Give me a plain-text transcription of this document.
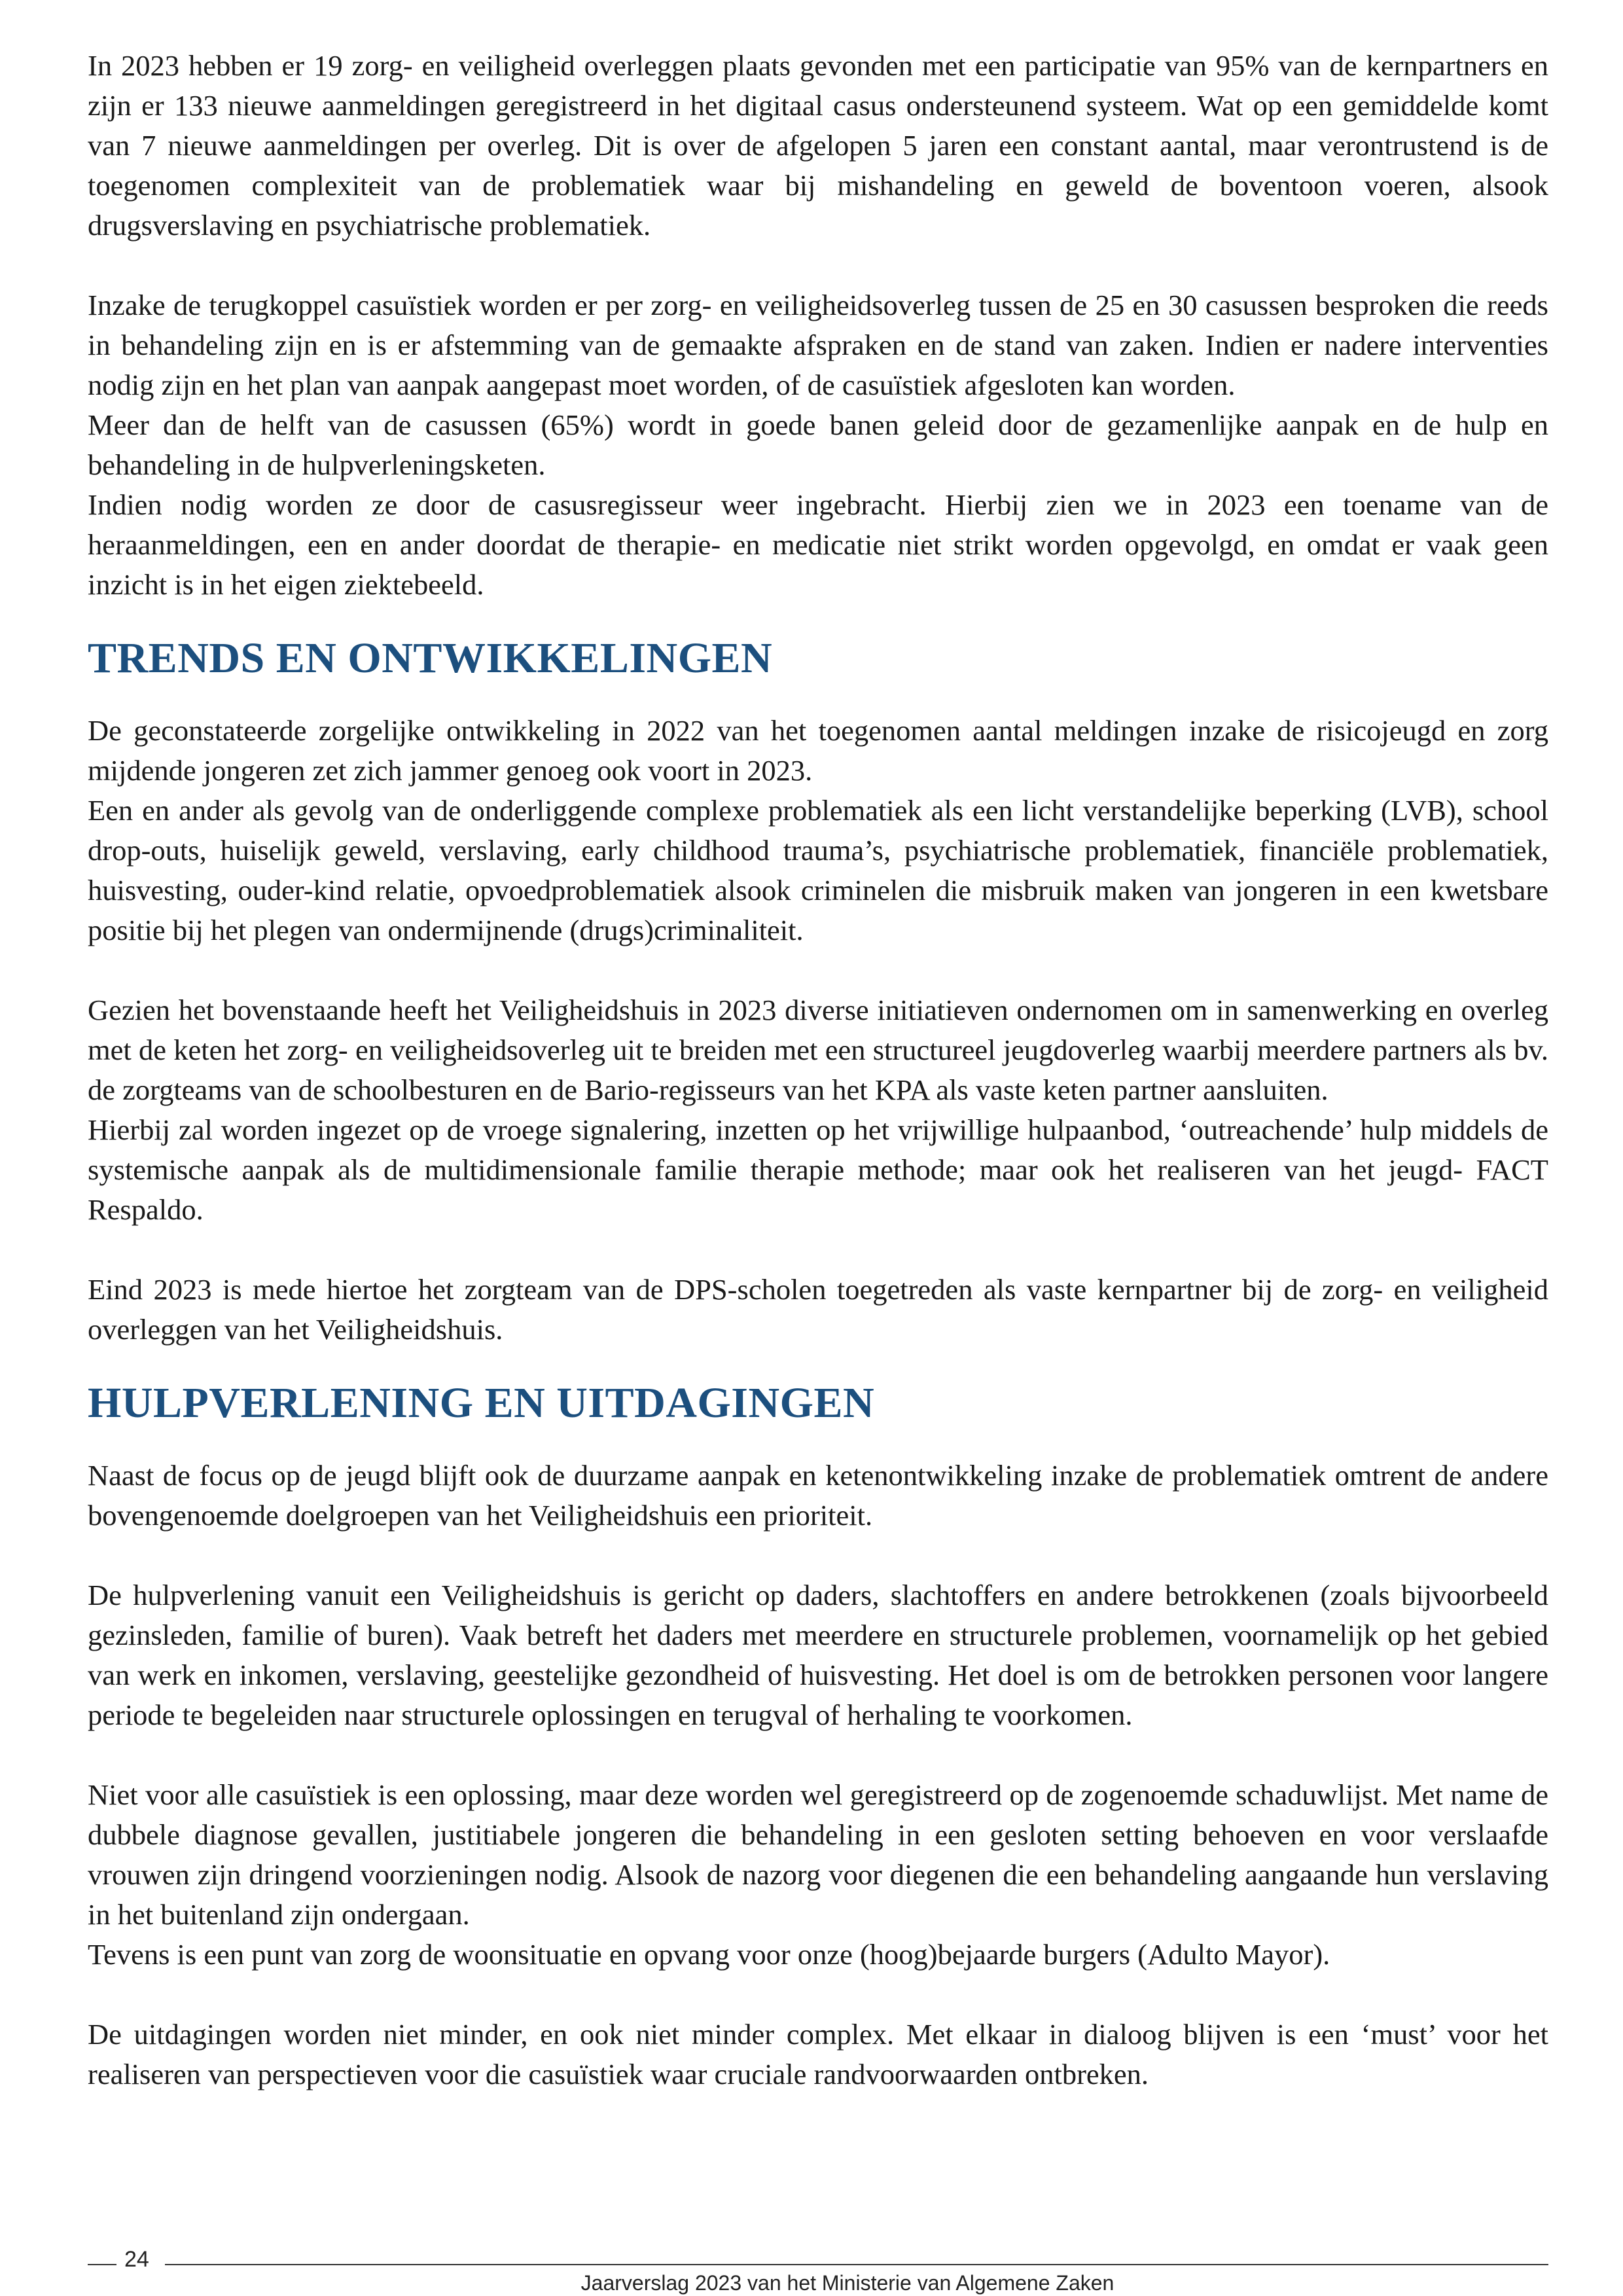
In 2023 hebben er 19 zorg- en veiligheid overleggen plaats gevonden met een participatie van 95% van de kernpartners en zijn er 133 nieuwe aanmeldingen geregistreerd in het digitaal casus ondersteunend systeem. Wat op een gemiddelde komt van 7 nieuwe aanmeldingen per overleg. Dit is over de afgelopen 5 jaren een constant aantal, maar verontrustend is de toegenomen complexiteit van de problematiek waar bij mishandeling en geweld de boventoon voeren, alsook drugsverslaving en psychiatrische problematiek.

Inzake de terugkoppel casuïstiek worden er per zorg- en veiligheidsoverleg tussen de 25 en 30 casussen besproken die reeds in behandeling zijn en is er afstemming van de gemaakte afspraken en de stand van zaken. Indien er nadere interventies nodig zijn en het plan van aanpak aangepast moet worden, of de casuïstiek afgesloten kan worden.

Meer dan de helft van de casussen (65%) wordt in goede banen geleid door de gezamenlijke aanpak en de hulp en behandeling in de hulpverleningsketen.

Indien nodig worden ze door de casusregisseur weer ingebracht. Hierbij zien we in 2023 een toename van de heraanmeldingen, een en ander doordat de therapie- en medicatie niet strikt worden opgevolgd, en omdat er vaak geen inzicht is in het eigen ziektebeeld.

TRENDS EN ONTWIKKELINGEN

De geconstateerde zorgelijke ontwikkeling in 2022 van het toegenomen aantal meldingen inzake de risicojeugd en zorg mijdende jongeren zet zich jammer genoeg ook voort in 2023.

Een en ander als gevolg van de onderliggende complexe problematiek als een licht verstandelijke beperking (LVB), school drop-outs, huiselijk geweld, verslaving, early childhood trauma’s, psychiatrische problematiek, financiële problematiek, huisvesting, ouder-kind relatie, opvoedproblematiek alsook criminelen die misbruik maken van jongeren in een kwetsbare positie bij het plegen van ondermijnende (drugs)criminaliteit.

Gezien het bovenstaande heeft het Veiligheidshuis in 2023 diverse initiatieven ondernomen om in samenwerking en overleg met de keten het zorg- en veiligheidsoverleg uit te breiden met een structureel jeugdoverleg waarbij meerdere partners als bv. de zorgteams van de schoolbesturen en de Bario-regisseurs van het KPA als vaste keten partner aansluiten.

Hierbij zal worden ingezet op de vroege signalering, inzetten op het vrijwillige hulpaanbod, ‘outreachende’ hulp middels de systemische aanpak als de multidimensionale familie therapie methode; maar ook het realiseren van het jeugd- FACT Respaldo.

Eind 2023 is mede hiertoe het zorgteam van de DPS-scholen toegetreden als vaste kernpartner bij de zorg- en veiligheid overleggen van het Veiligheidshuis.

HULPVERLENING EN UITDAGINGEN

Naast de focus op de jeugd blijft ook de duurzame aanpak en ketenontwikkeling inzake de problematiek omtrent de andere bovengenoemde doelgroepen van het Veiligheidshuis een prioriteit.

De hulpverlening vanuit een Veiligheidshuis is gericht op daders, slachtoffers en andere betrokkenen (zoals bijvoorbeeld gezinsleden, familie of buren). Vaak betreft het daders met meerdere en structurele problemen, voornamelijk op het gebied van werk en inkomen, verslaving, geestelijke gezondheid of huisvesting. Het doel is om de betrokken personen voor langere periode te begeleiden naar structurele oplossingen en terugval of herhaling te voorkomen.

Niet voor alle casuïstiek is een oplossing, maar deze worden wel geregistreerd op de zogenoemde schaduwlijst. Met name de dubbele diagnose gevallen, justitiabele jongeren die behandeling in een gesloten setting behoeven en voor verslaafde vrouwen zijn dringend voorzieningen nodig. Alsook de nazorg voor diegenen die een behandeling aangaande hun verslaving in het buitenland zijn ondergaan.

Tevens is een punt van zorg de woonsituatie en opvang voor onze (hoog)bejaarde burgers (Adulto Mayor).

De uitdagingen worden niet minder, en ook niet minder complex. Met elkaar in dialoog blijven is een ‘must’ voor het realiseren van perspectieven voor die casuïstiek waar cruciale randvoorwaarden ontbreken.

24
Jaarverslag 2023 van het Ministerie van Algemene Zaken
